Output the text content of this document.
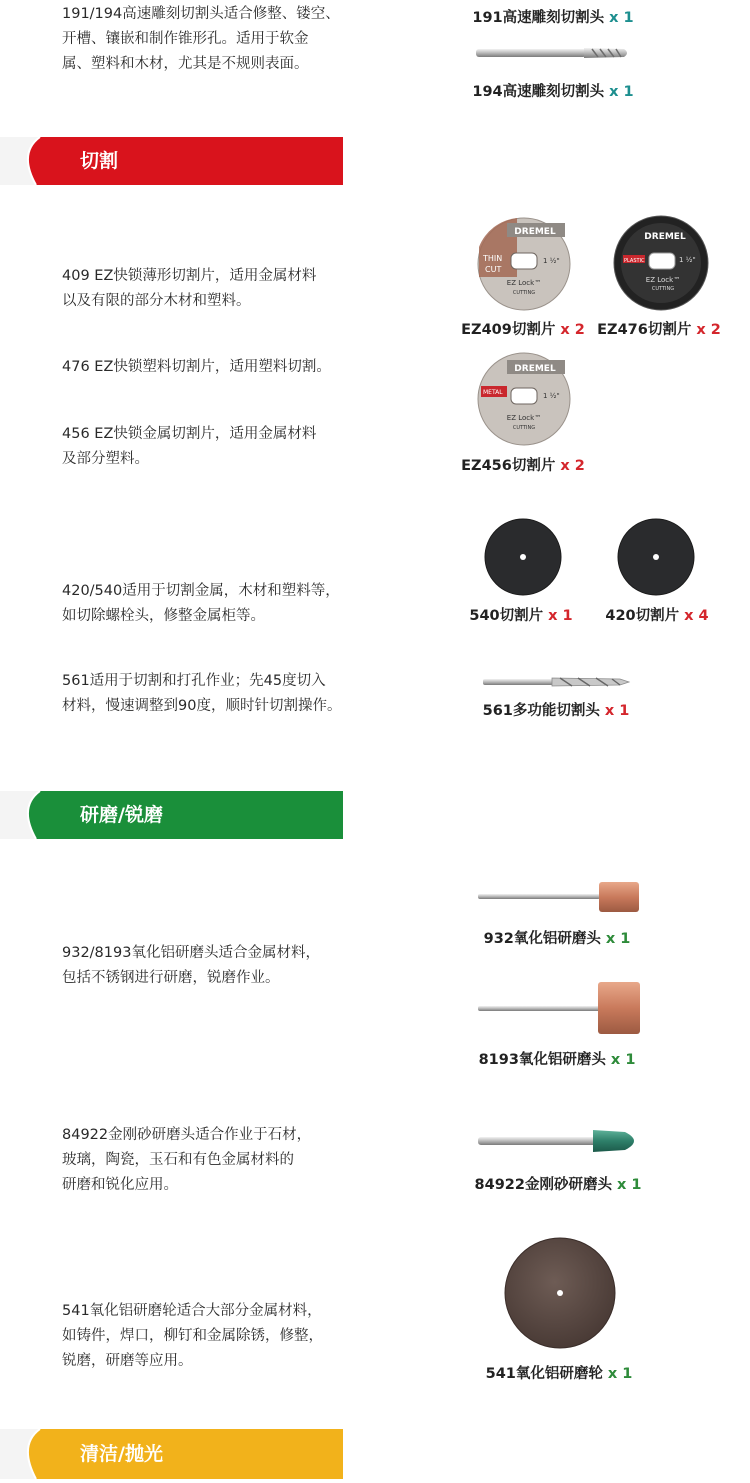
191/194高速雕刻切割头适合修整、镂空、
开槽、镶嵌和制作锥形孔。适用于软金
属、塑料和木材，尤其是不规则表面。
191高速雕刻切割头 x 1
194高速雕刻切割头 x 1
切割
DREMEL
THIN
CUT
1 ½"
EZ Lock™
CUTTING
DREMEL
PLASTIC	1 ½"
EZ Lock™
CUTTING
409 EZ快锁薄形切割片，适用金属材料
以及有限的部分木材和塑料。
EZ409切割片 x 2 EZ476切割片 x 2
476 EZ快锁塑料切割片，适用塑料切割。	DREMEL
METAL	1 ½"
EZ Lock™
CUTTING
456 EZ快锁金属切割片，适用金属材料
及部分塑料。	EZ456切割片 x 2
420/540适用于切割金属，木材和塑料等，
如切除螺栓头，修整金属柜等。	540切割片 x 1 420切割片 x 4
561适用于切割和打孔作业；先45度切入
材料，慢速调整到90度，顺时针切割操作。	561多功能切割头 x 1
研磨/锐磨
932/8193氧化铝研磨头适合金属材料，
包括不锈钢进行研磨，锐磨作业。
932氧化铝研磨头 x 1
8193氧化铝研磨头 x 1
84922金刚砂研磨头适合作业于石材，
玻璃，陶瓷，玉石和有色金属材料的
研磨和锐化应用。	84922金刚砂研磨头 x 1
541氧化铝研磨轮适合大部分金属材料，
如铸件，焊口，柳钉和金属除锈，修整，
锐磨，研磨等应用。
541氧化铝研磨轮 x 1
清洁/抛光
